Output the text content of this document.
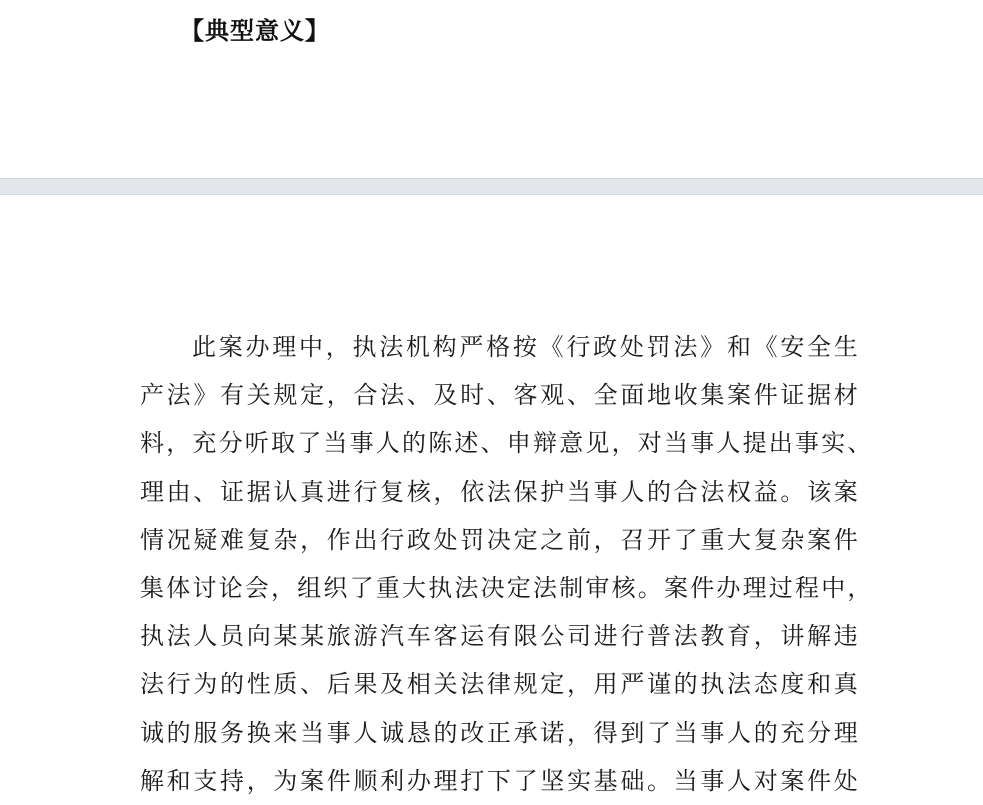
【典型意义】

此案办理中，执法机构严格按《行政处罚法》和《安全生
产法》有关规定，合法、及时、客观、全面地收集案件证据材
料，充分听取了当事人的陈述、申辩意见，对当事人提出事实、
理由、证据认真进行复核，依法保护当事人的合法权益。该案
情况疑难复杂，作出行政处罚决定之前，召开了重大复杂案件
集体讨论会，组织了重大执法决定法制审核。案件办理过程中，
执法人员向某某旅游汽车客运有限公司进行普法教育，讲解违
法行为的性质、后果及相关法律规定，用严谨的执法态度和真
诚的服务换来当事人诚恳的改正承诺，得到了当事人的充分理
解和支持，为案件顺利办理打下了坚实基础。当事人对案件处
